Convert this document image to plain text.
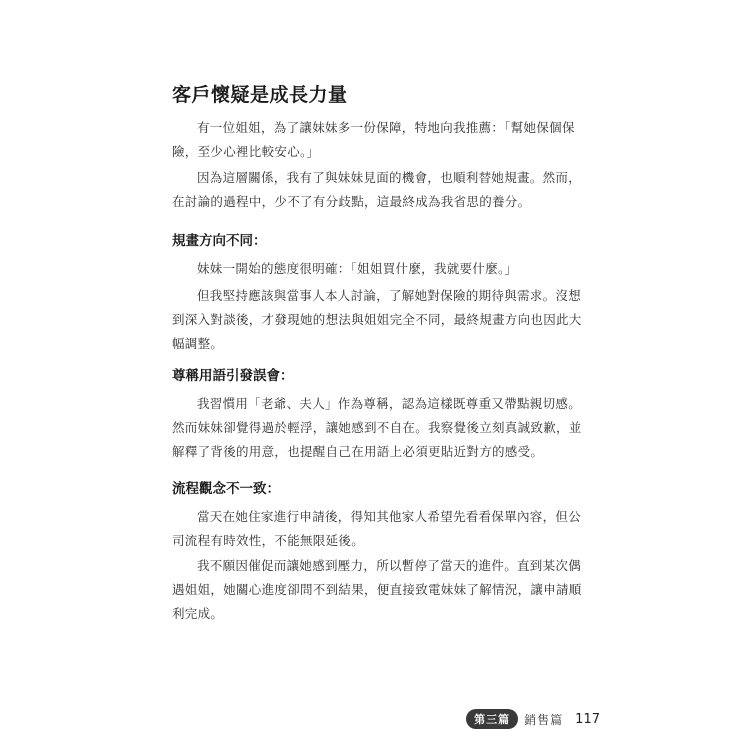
客戶懷疑是成長力量

有一位姐姐，為了讓妹妹多一份保障，特地向我推薦：「幫她保個保險，至少心裡比較安心。」

因為這層關係，我有了與妹妹見面的機會，也順利替她規畫。然而，在討論的過程中，少不了有分歧點，這最終成為我省思的養分。

規畫方向不同：

妹妹一開始的態度很明確：「姐姐買什麼，我就要什麼。」

但我堅持應該與當事人本人討論，了解她對保險的期待與需求。沒想到深入對談後，才發現她的想法與姐姐完全不同，最終規畫方向也因此大幅調整。

尊稱用語引發誤會：

我習慣用「老爺、夫人」作為尊稱，認為這樣既尊重又帶點親切感。然而妹妹卻覺得過於輕浮，讓她感到不自在。我察覺後立刻真誠致歉，並解釋了背後的用意，也提醒自己在用語上必須更貼近對方的感受。

流程觀念不一致：

當天在她住家進行申請後，得知其他家人希望先看看保單內容，但公司流程有時效性，不能無限延後。

我不願因催促而讓她感到壓力，所以暫停了當天的進件。直到某次偶遇姐姐，她關心進度卻問不到結果，便直接致電妹妹了解情況，讓申請順利完成。

第三篇	銷售篇 117
